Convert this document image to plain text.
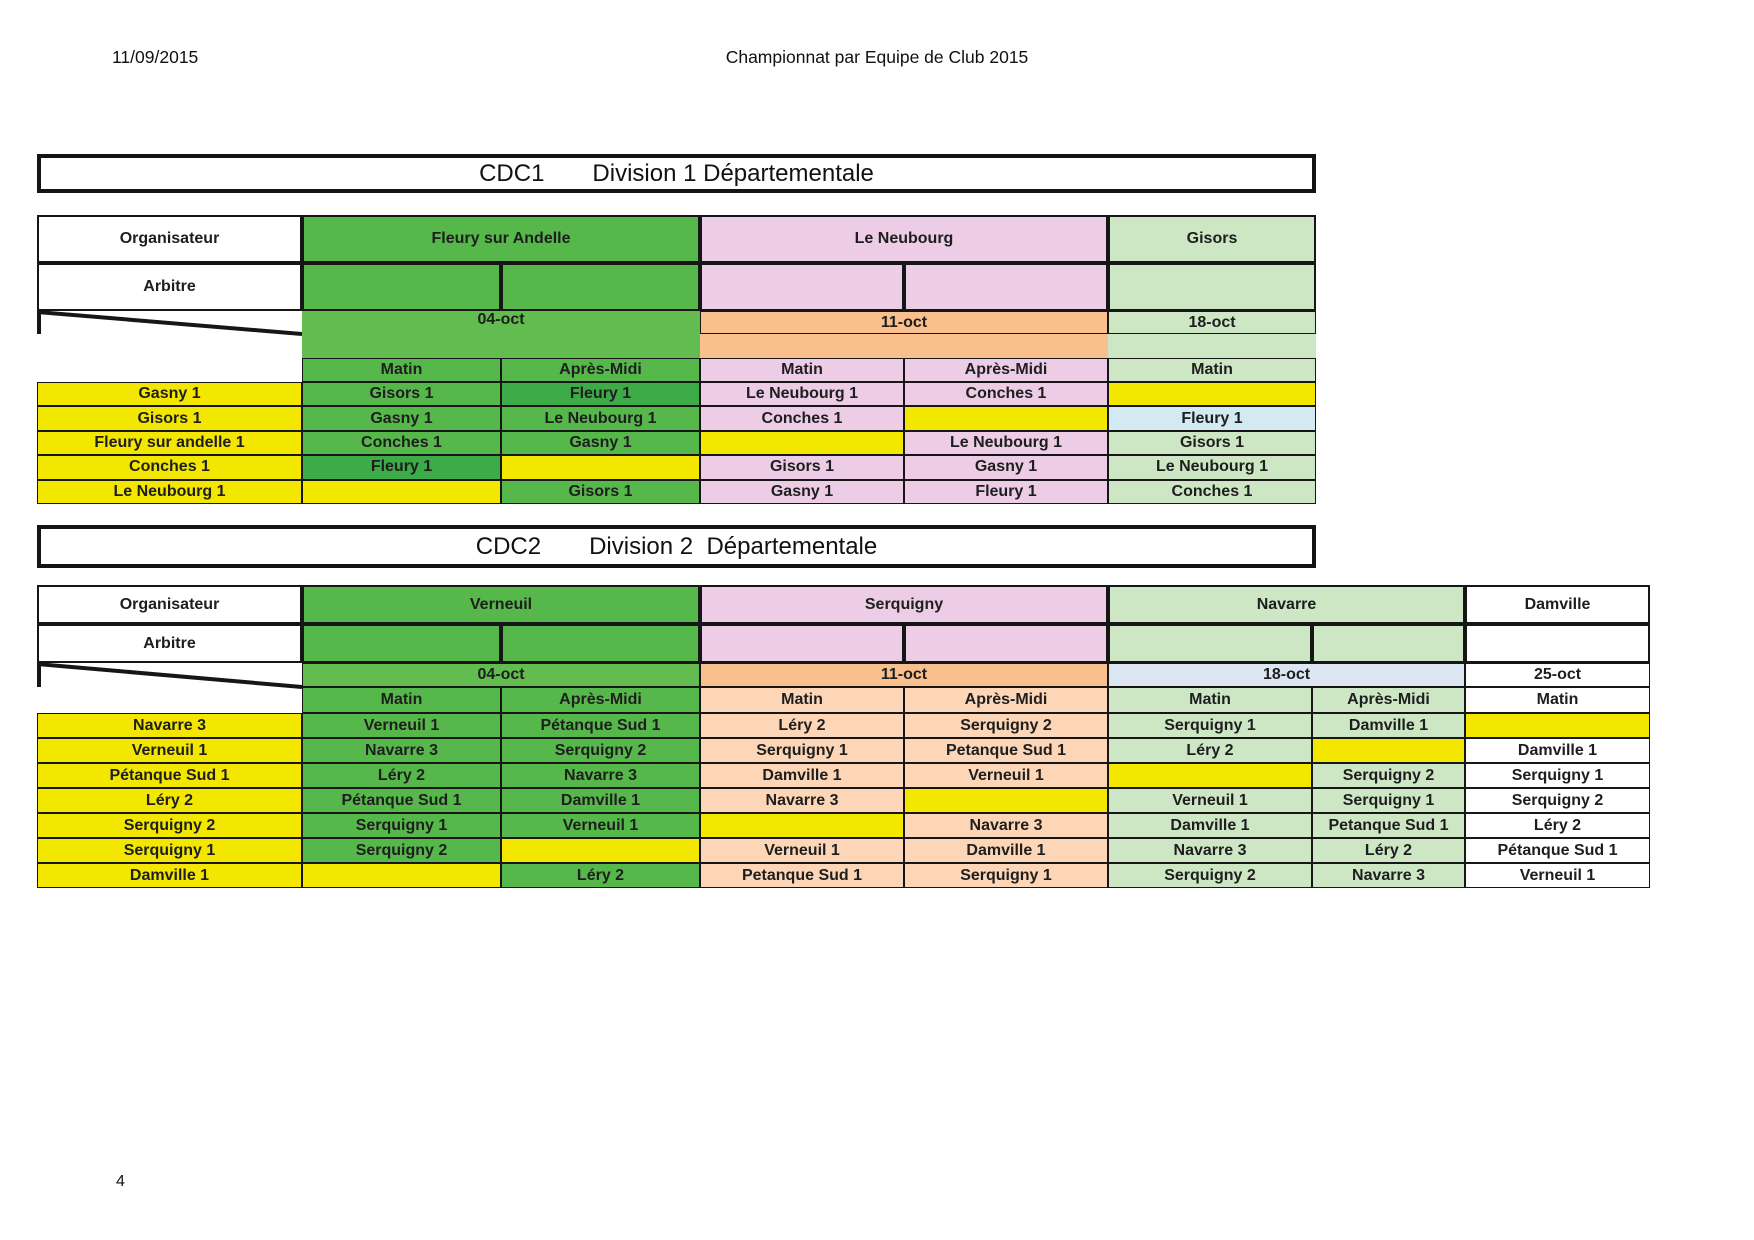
11/09/2015	Championnat par Equipe de Club 2015
4
CDC1 Division 1 Départementale
Organisateur
Arbitre
Gasny 1
Gisors 1
Fleury sur andelle 1
Conches 1
Le Neubourg 1
Fleury sur Andelle
04-oct
Matin
Gisors 1
Gasny 1
Conches 1
Fleury 1
Après-Midi
Fleury 1
Le Neubourg 1
Gasny 1
Gisors 1
Le Neubourg
11-oct
Matin
Le Neubourg 1
Conches 1
Gisors 1
Gasny 1
Après-Midi
Conches 1
Le Neubourg 1
Gasny 1
Fleury 1
Gisors
18-oct
Matin
Fleury 1
Gisors 1
Le Neubourg 1
Conches 1
CDC2 Division 2  Départementale
Organisateur
Arbitre
Navarre 3
Verneuil 1
Pétanque Sud 1
Léry 2
Serquigny 2
Serquigny 1
Damville 1
Verneuil
04-oct
Matin
Verneuil 1
Navarre 3
Léry 2
Pétanque Sud 1
Serquigny 1
Serquigny 2
Après-Midi
Pétanque Sud 1
Serquigny 2
Navarre 3
Damville 1
Verneuil 1
Léry 2
Serquigny
11-oct
Matin
Léry 2
Serquigny 1
Damville 1
Navarre 3
Verneuil 1
Petanque Sud 1
Après-Midi
Serquigny 2
Petanque Sud 1
Verneuil 1
Navarre 3
Damville 1
Serquigny 1
Navarre
18-oct
Matin
Serquigny 1
Léry 2
Verneuil 1
Damville 1
Navarre 3
Serquigny 2
Après-Midi
Damville 1
Serquigny 2
Serquigny 1
Petanque Sud 1
Léry 2
Navarre 3
Damville
25-oct
Matin
Damville 1
Serquigny 1
Serquigny 2
Léry 2
Pétanque Sud 1
Verneuil 1
